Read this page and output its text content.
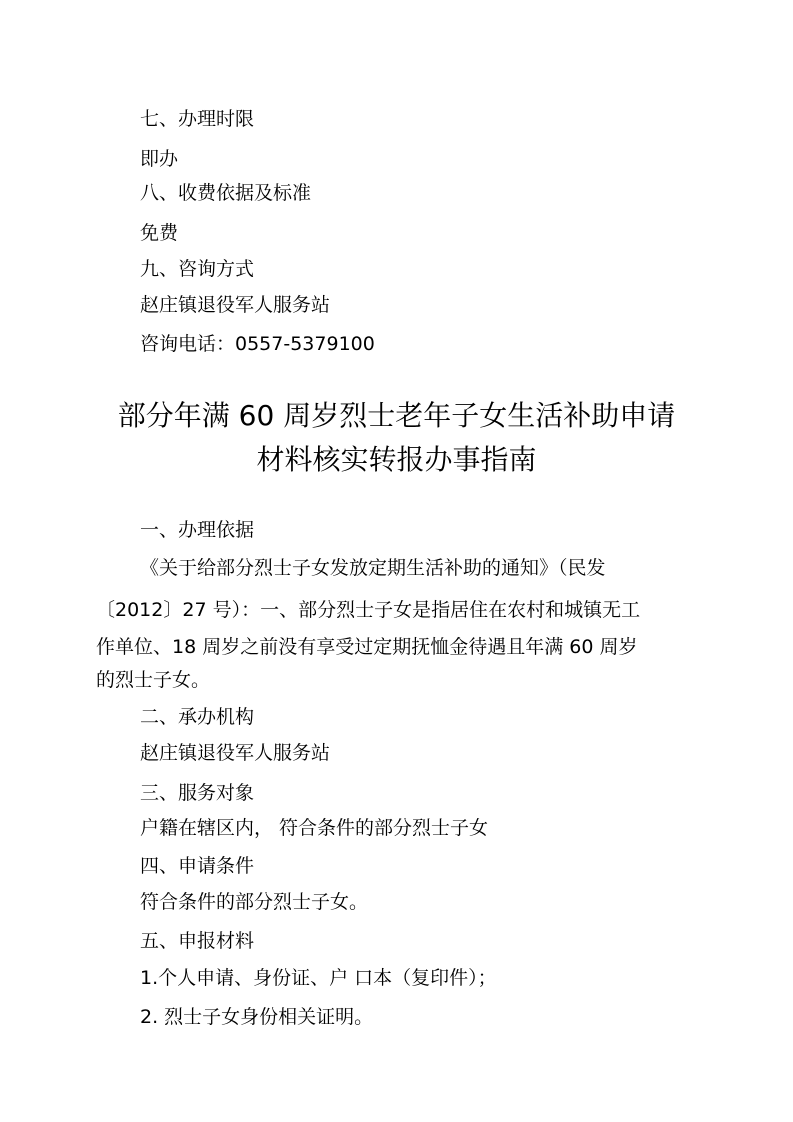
七、办理时限

即办

八、收费依据及标准

免费

九、咨询方式

赵庄镇退役军人服务站

咨询电话：0557-5379100

部分年满 60 周岁烈士老年子女生活补助申请
材料核实转报办事指南

一、办理依据

《关于给部分烈士子女发放定期生活补助的通知》（民发

〔2012〕27 号）：一、部分烈士子女是指居住在农村和城镇无工

作单位、18 周岁之前没有享受过定期抚恤金待遇且年满 60 周岁

的烈士子女。

二、承办机构

赵庄镇退役军人服务站

三、服务对象

户籍在辖区内， 符合条件的部分烈士子女

四、申请条件

符合条件的部分烈士子女。

五、申报材料

1.个人申请、身份证、户 口本（复印件）；

2. 烈士子女身份相关证明。
